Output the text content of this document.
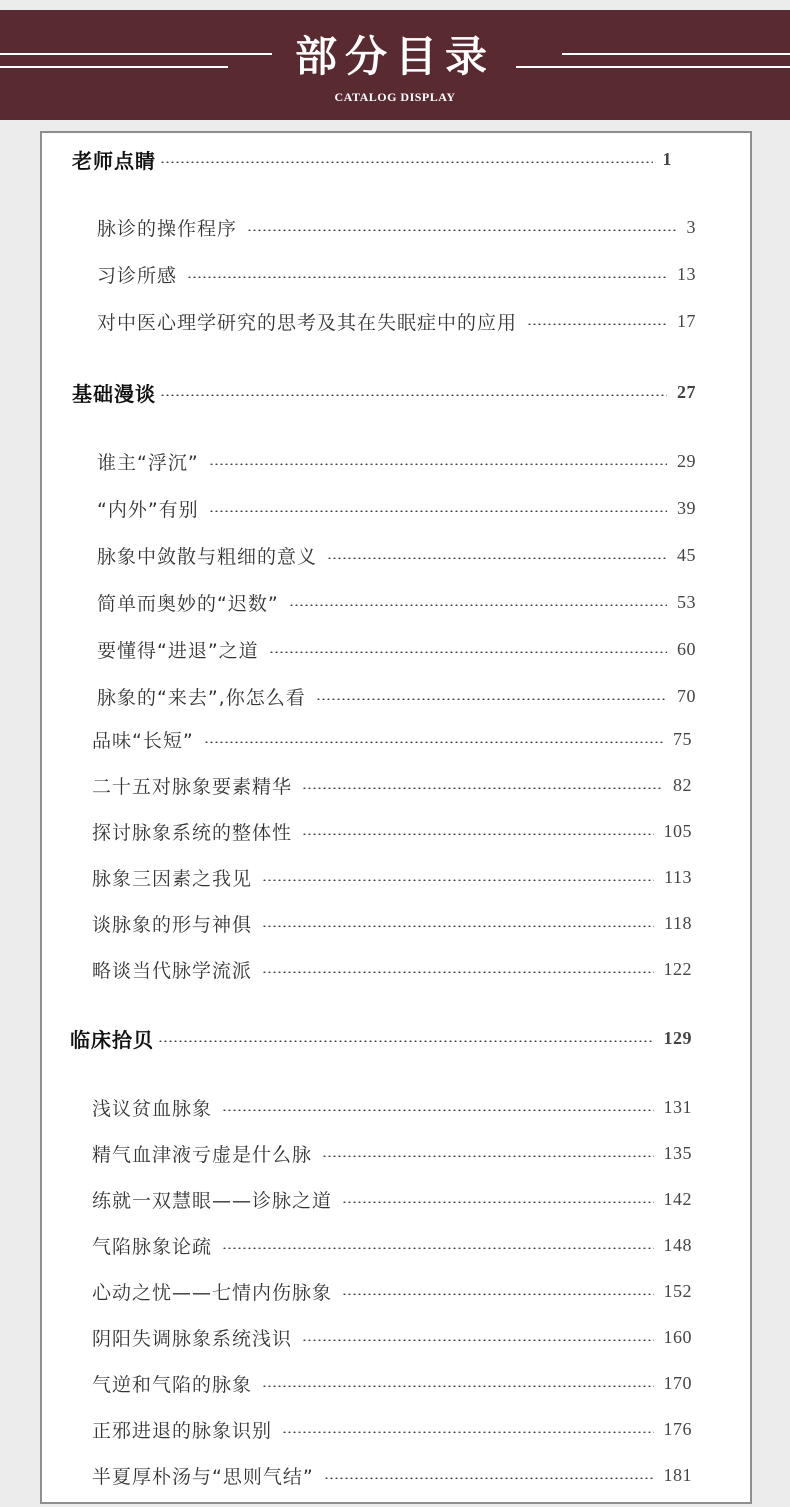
部分目录
CATALOG DISPLAY
老师点睛	1
脉诊的操作程序	3
习诊所感	13
对中医心理学研究的思考及其在失眠症中的应用	17
基础漫谈	27
谁主“浮沉”	29
“内外”有别	39
脉象中敛散与粗细的意义	45
简单而奥妙的“迟数”	53
要懂得“进退”之道	60
脉象的“来去”,你怎么看	70
品味“长短”	75
二十五对脉象要素精华	82
探讨脉象系统的整体性	105
脉象三因素之我见	113
谈脉象的形与神俱	118
略谈当代脉学流派	122
临床拾贝	129
浅议贫血脉象	131
精气血津液亏虚是什么脉	135
练就一双慧眼——诊脉之道	142
气陷脉象论疏	148
心动之忧——七情内伤脉象	152
阴阳失调脉象系统浅识	160
气逆和气陷的脉象	170
正邪进退的脉象识别	176
半夏厚朴汤与“思则气结”	181
